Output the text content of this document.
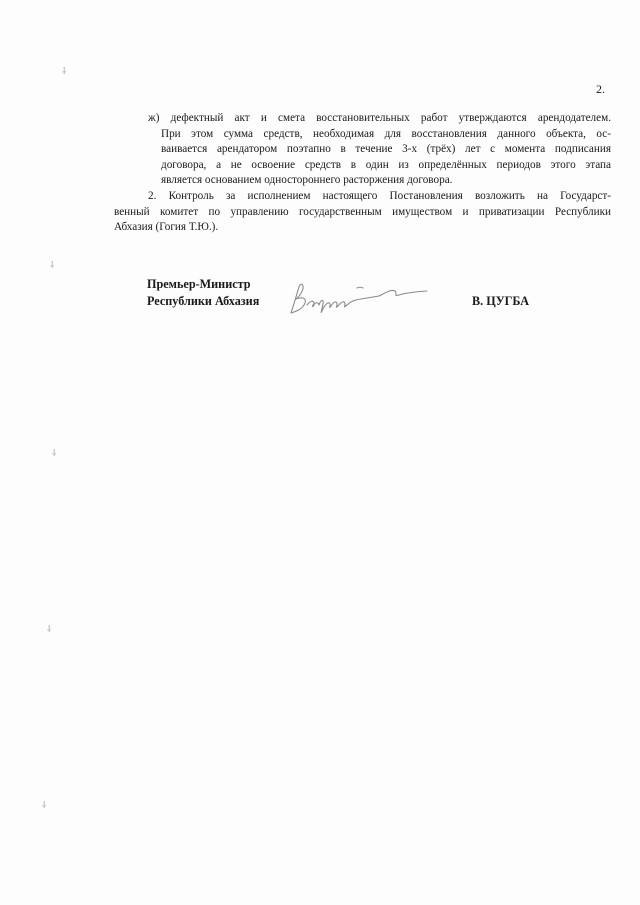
⸸
⸸
⸸
⸸
⸸
2.
ж) дефектный акт и смета восстановительных работ утверждаются арендодателем.
При этом сумма средств, необходимая для восстановления данного объекта, ос-
ваивается арендатором поэтапно в течение 3-х (трёх) лет с момента подписания
договора, а не освоение средств в один из определённых периодов этого этапа
является основанием одностороннего расторжения договора.
2. Контроль за исполнением настоящего Постановления возложить на Государст-
венный комитет по управлению государственным имуществом и приватизации Республики
Абхазия (Гогия Т.Ю.).
Премьер-Министр
Республики Абхазия	В. ЦУГБА
